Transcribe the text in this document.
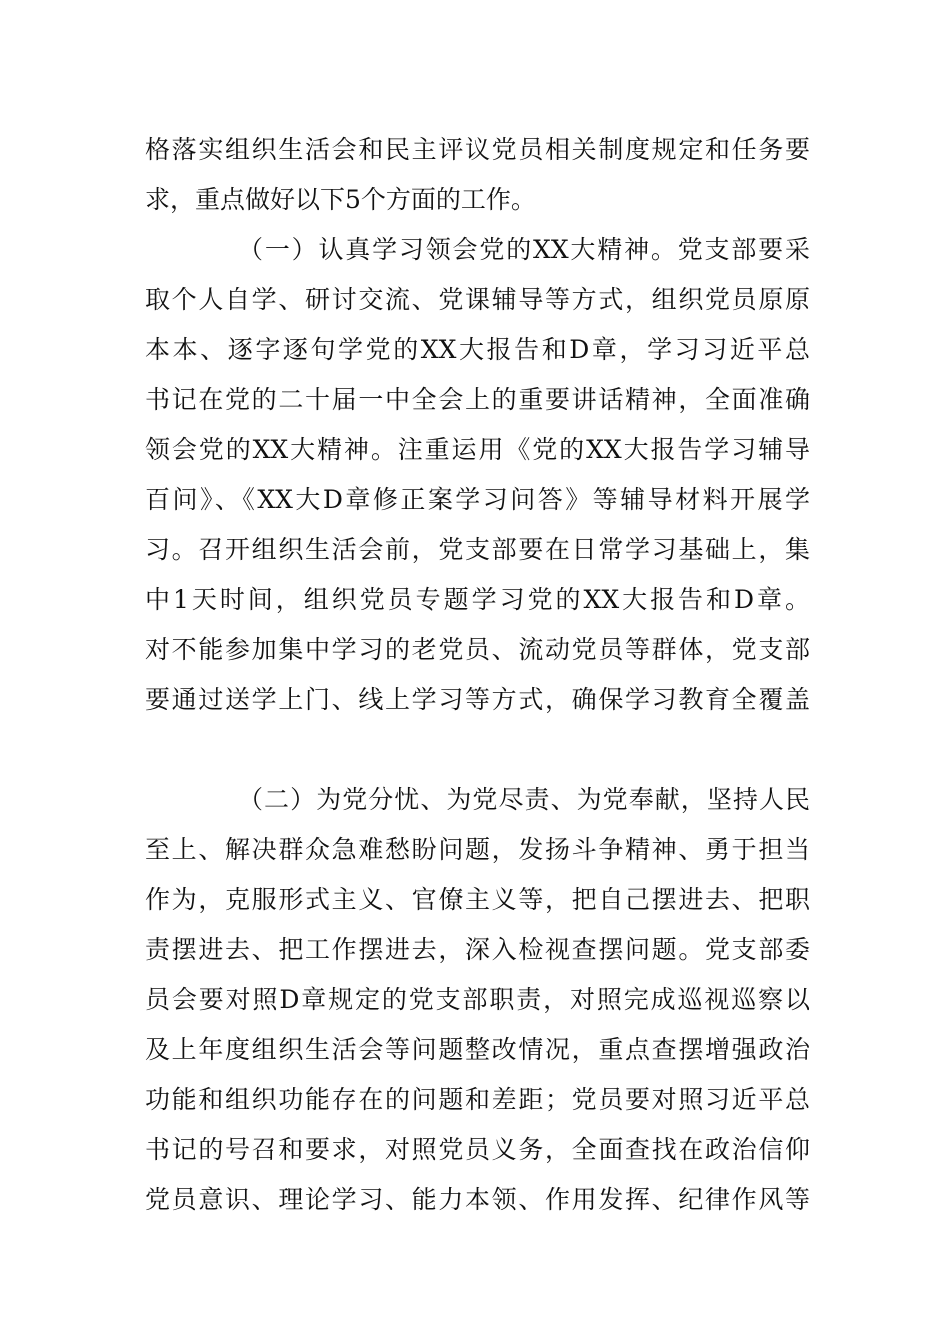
格落实组织生活会和民主评议党员相关制度规定和任务要
求，重点做好以下5个方面的工作。
（一）认真学习领会党的XX大精神。党支部要采
取个人自学、研讨交流、党课辅导等方式，组织党员原原
本本、逐字逐句学党的XX大报告和D章，学习习近平总
书记在党的二十届一中全会上的重要讲话精神，全面准确
领会党的XX大精神。注重运用《党的XX大报告学习辅导
百问》、《XX大D章修正案学习问答》等辅导材料开展学
习。召开组织生活会前，党支部要在日常学习基础上，集
中1天时间，组织党员专题学习党的XX大报告和D章。
对不能参加集中学习的老党员、流动党员等群体，党支部
要通过送学上门、线上学习等方式，确保学习教育全覆盖
（二）为党分忧、为党尽责、为党奉献，坚持人民
至上、解决群众急难愁盼问题，发扬斗争精神、勇于担当
作为，克服形式主义、官僚主义等，把自己摆进去、把职
责摆进去、把工作摆进去，深入检视查摆问题。党支部委
员会要对照D章规定的党支部职责，对照完成巡视巡察以
及上年度组织生活会等问题整改情况，重点查摆增强政治
功能和组织功能存在的问题和差距；党员要对照习近平总
书记的号召和要求，对照党员义务，全面查找在政治信仰
党员意识、理论学习、能力本领、作用发挥、纪律作风等
